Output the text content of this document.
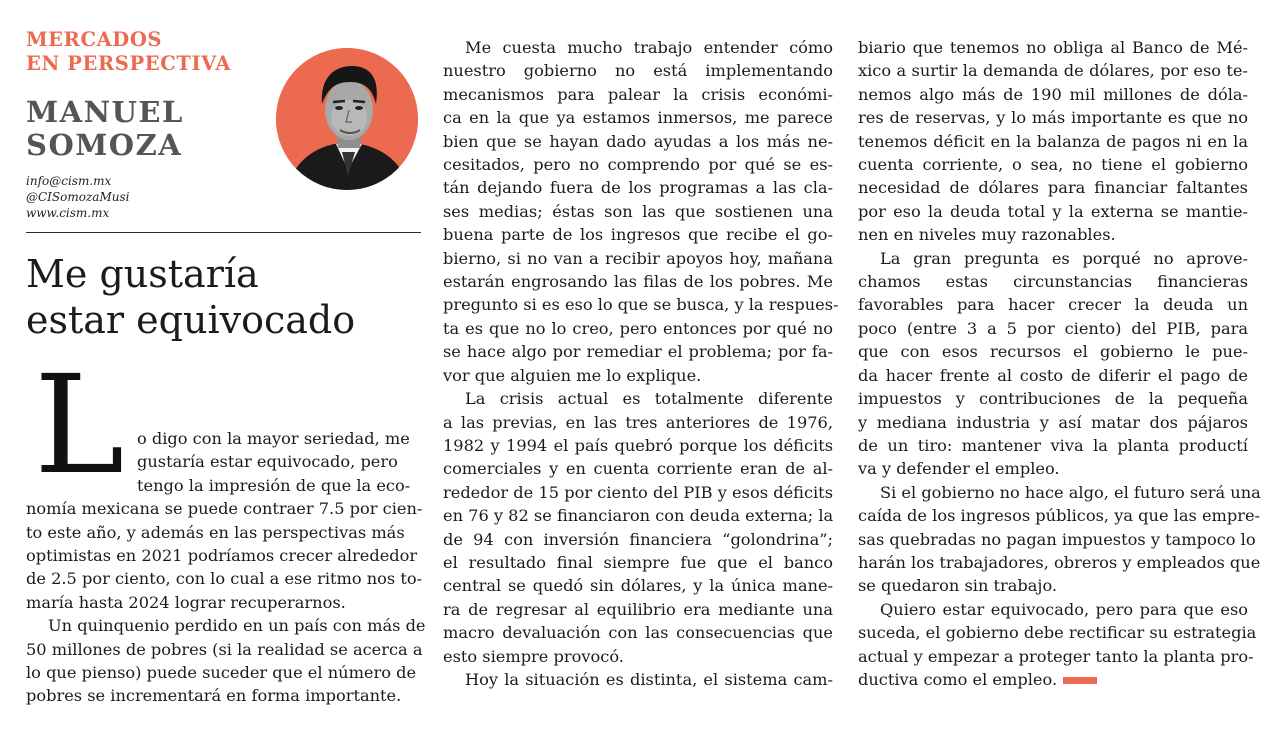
MERCADOS
EN PERSPECTIVA
MANUEL
SOMOZA
info@cism.mx
@CISomozaMusi
www.cism.mx
Me gustaría
estar equivocado
L o digo con la mayor seriedad, me
gustaría estar equivocado, pero
tengo la impresión de que la eco-
nomía mexicana se puede contraer 7.5 por cien-
to este año, y además en las perspectivas más
optimistas en 2021 podríamos crecer alrededor
de 2.5 por ciento, con lo cual a ese ritmo nos to-
maría hasta 2024 lograr recuperarnos.
Un quinquenio perdido en un país con más de
50 millones de pobres (si la realidad se acerca a
lo que pienso) puede suceder que el número de
pobres se incrementará en forma importante.
Me cuesta mucho trabajo entender cómo
nuestro gobierno no está implementando
mecanismos para palear la crisis económi-
ca en la que ya estamos inmersos, me parece
bien que se hayan dado ayudas a los más ne-
cesitados, pero no comprendo por qué se es-
tán dejando fuera de los programas a las cla-
ses medias; éstas son las que sostienen una
buena parte de los ingresos que recibe el go-
bierno, si no van a recibir apoyos hoy, mañana
estarán engrosando las filas de los pobres. Me
pregunto si es eso lo que se busca, y la respues-
ta es que no lo creo, pero entonces por qué no
se hace algo por remediar el problema; por fa-
vor que alguien me lo explique.
La crisis actual es totalmente diferente
a las previas, en las tres anteriores de 1976,
1982 y 1994 el país quebró porque los déficits
comerciales y en cuenta corriente eran de al-
rededor de 15 por ciento del PIB y esos déficits
en 76 y 82 se financiaron con deuda externa; la
de 94 con inversión financiera “golondrina”;
el resultado final siempre fue que el banco
central se quedó sin dólares, y la única mane-
ra de regresar al equilibrio era mediante una
macro devaluación con las consecuencias que
esto siempre provocó.
Hoy la situación es distinta, el sistema cam-
biario que tenemos no obliga al Banco de Mé-
xico a surtir la demanda de dólares, por eso te-
nemos algo más de 190 mil millones de dóla-
res de reservas, y lo más importante es que no
tenemos déficit en la balanza de pagos ni en la
cuenta corriente, o sea, no tiene el gobierno
necesidad de dólares para financiar faltantes
por eso la deuda total y la externa se mantie-
nen en niveles muy razonables.
La gran pregunta es porqué no aprove-
chamos estas circunstancias financieras
favorables para hacer crecer la deuda un
poco (entre 3 a 5 por ciento) del PIB, para
que con esos recursos el gobierno le pue-
da hacer frente al costo de diferir el pago de
impuestos y contribuciones de la pequeña
y mediana industria y así matar dos pájaros
de un tiro: mantener viva la planta productí
va y defender el empleo.
Si el gobierno no hace algo, el futuro será una
caída de los ingresos públicos, ya que las empre-
sas quebradas no pagan impuestos y tampoco lo
harán los trabajadores, obreros y empleados que
se quedaron sin trabajo.
Quiero estar equivocado, pero para que eso
suceda, el gobierno debe rectificar su estrategia
actual y empezar a proteger tanto la planta pro-
ductiva como el empleo.
